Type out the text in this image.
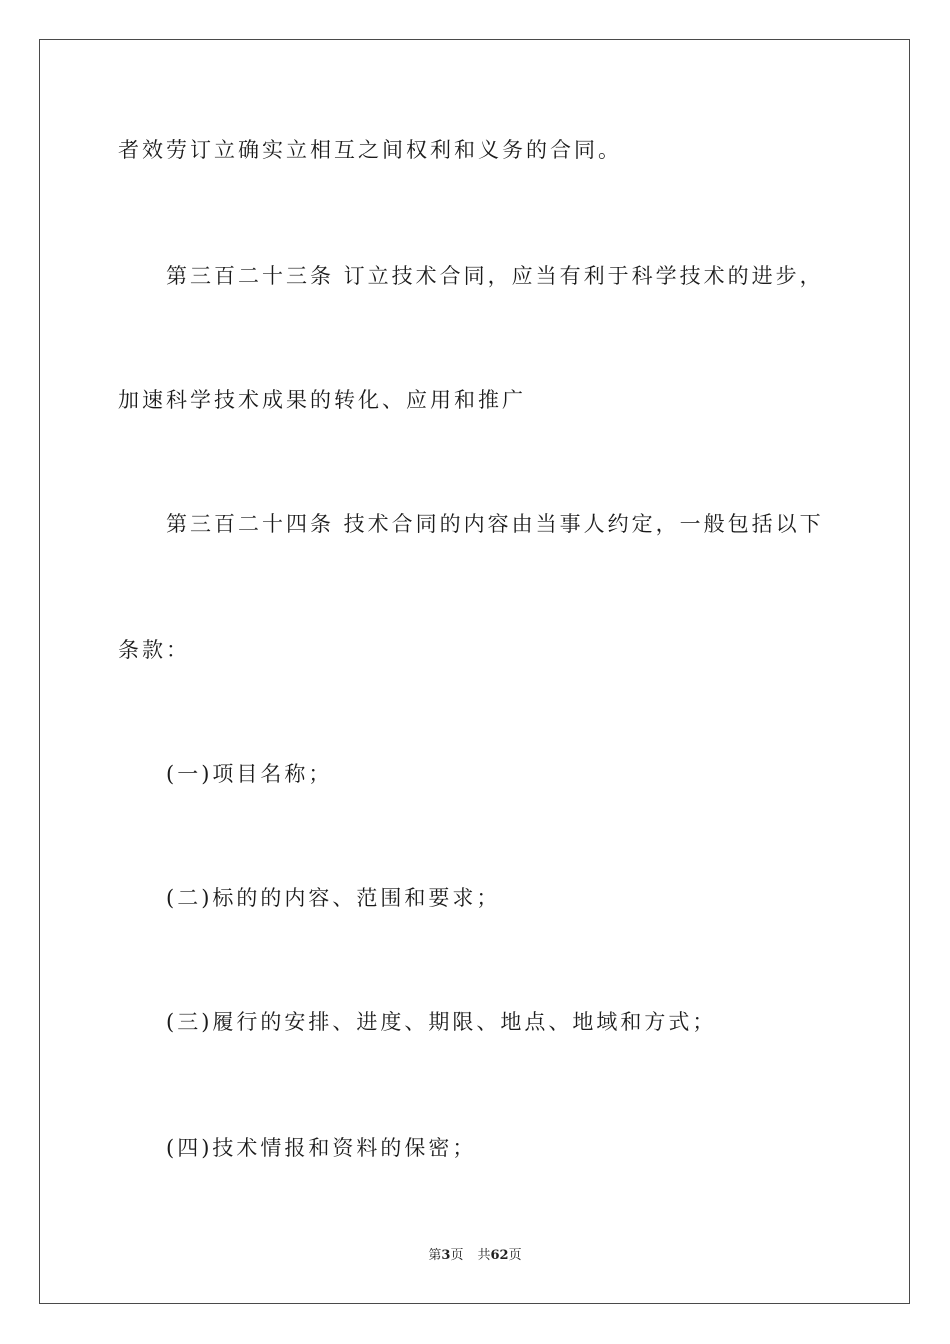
者效劳订立确实立相互之间权利和义务的合同。
第三百二十三条 订立技术合同，应当有利于科学技术的进步，
加速科学技术成果的转化、应用和推广
第三百二十四条 技术合同的内容由当事人约定，一般包括以下
条款：
(一)项目名称；
(二)标的的内容、范围和要求；
(三)履行的安排、进度、期限、地点、地域和方式；
(四)技术情报和资料的保密；
第3页 共62页
